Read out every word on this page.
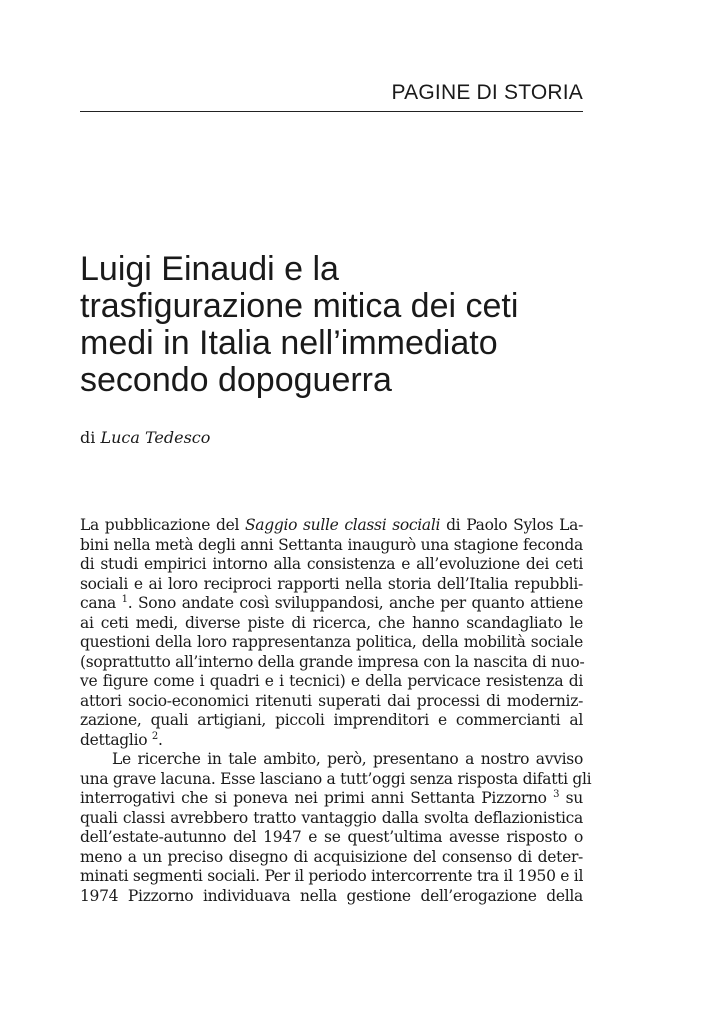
PAGINE DI STORIA
Luigi Einaudi e la
trasfigurazione mitica dei ceti
medi in Italia nell’immediato
secondo dopoguerra
di Luca Tedesco
La pubblicazione del Saggio sulle classi sociali di Paolo Sylos La-
bini nella metà degli anni Settanta inaugurò una stagione feconda
di studi empirici intorno alla consistenza e all’evoluzione dei ceti
sociali e ai loro reciproci rapporti nella storia dell’Italia repubbli-
cana $^1$. Sono andate così sviluppandosi, anche per quanto attiene
ai ceti medi, diverse piste di ricerca, che hanno scandagliato le
questioni della loro rappresentanza politica, della mobilità sociale
(soprattutto all’interno della grande impresa con la nascita di nuo-
ve figure come i quadri e i tecnici) e della pervicace resistenza di
attori socio-economici ritenuti superati dai processi di moderniz-
zazione, quali artigiani, piccoli imprenditori e commercianti al
dettaglio $^2$.
Le ricerche in tale ambito, però, presentano a nostro avviso
una grave lacuna. Esse lasciano a tutt’oggi senza risposta difatti gli
interrogativi che si poneva nei primi anni Settanta Pizzorno $^3$ su
quali classi avrebbero tratto vantaggio dalla svolta deflazionistica
dell’estate-autunno del 1947 e se quest’ultima avesse risposto o
meno a un preciso disegno di acquisizione del consenso di deter-
minati segmenti sociali. Per il periodo intercorrente tra il 1950 e il
1974 Pizzorno individuava nella gestione dell’erogazione della
